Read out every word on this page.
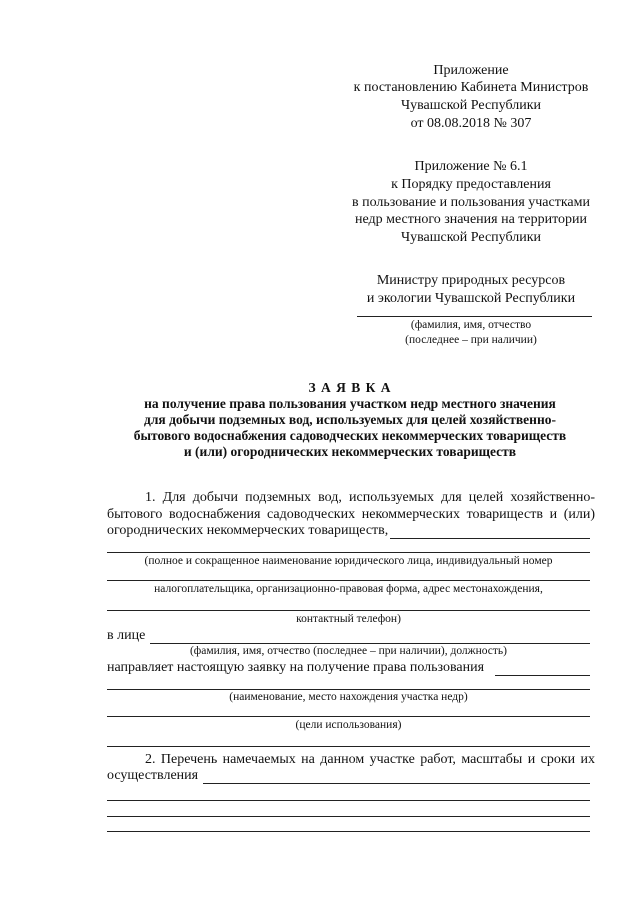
Приложение
к постановлению Кабинета Министров
Чувашской Республики
от 08.08.2018 № 307
Приложение № 6.1
к Порядку предоставления
в пользование и пользования участками
недр местного значения на территории
Чувашской Республики
Министру природных ресурсов
и экологии Чувашской Республики
(фамилия, имя, отчество
(последнее – при наличии)
З А Я В К А
на получение права пользования участком недр местного значения
для добычи подземных вод, используемых для целей хозяйственно-
бытового водоснабжения садоводческих некоммерческих товариществ
и (или) огороднических некоммерческих товариществ
1. Для добычи подземных вод, используемых для целей хозяйственно-
бытового водоснабжения садоводческих некоммерческих товариществ и (или)
огороднических некоммерческих товариществ,
(полное и сокращенное наименование юридического лица, индивидуальный номер
налогоплательщика, организационно-правовая форма, адрес местонахождения,
контактный телефон)
в лице
(фамилия, имя, отчество (последнее – при наличии), должность)
направляет настоящую заявку на получение права пользования
(наименование, место нахождения участка недр)
(цели использования)
2. Перечень намечаемых на данном участке работ, масштабы и сроки их
осуществления
